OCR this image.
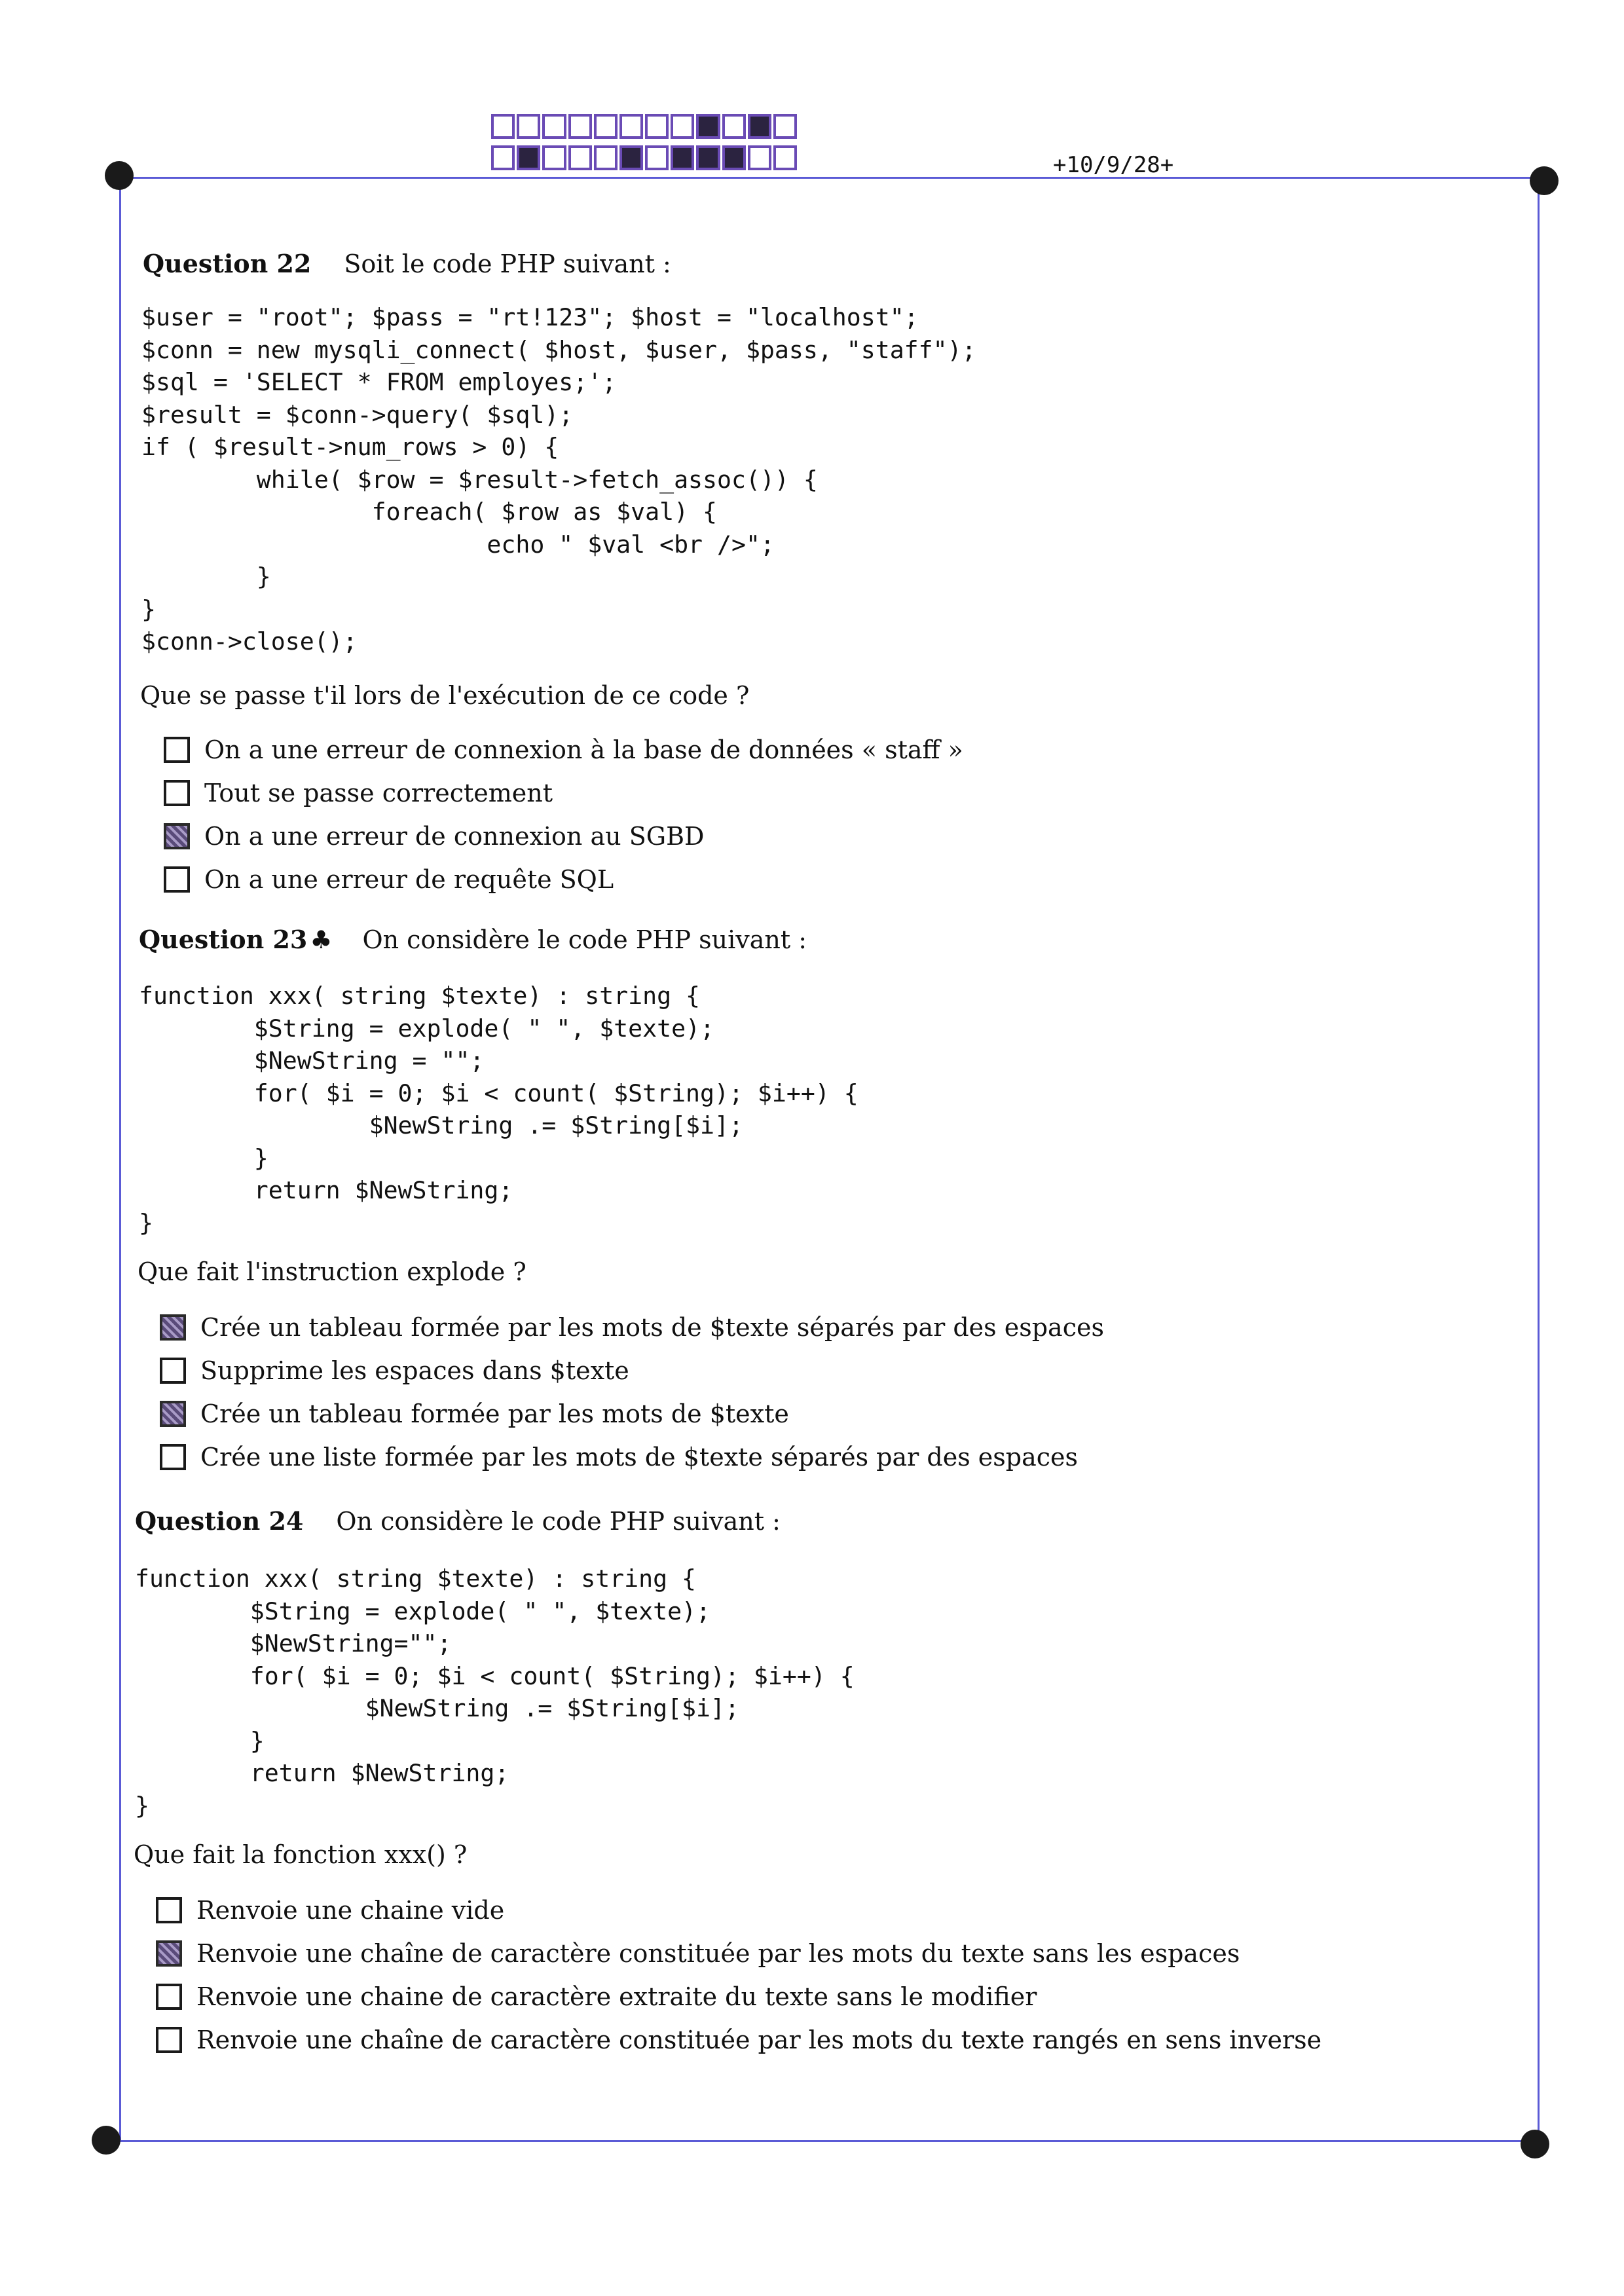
+10/9/28+
Question 22 Soit le code PHP suivant :
$user = "root"; $pass = "rt!123"; $host = "localhost";
$conn = new mysqli_connect( $host, $user, $pass, "staff");
$sql = 'SELECT * FROM employes;';
$result = $conn->query( $sql);
if ( $result->num_rows > 0) {
while( $row = $result->fetch_assoc()) {
foreach( $row as $val) {
echo " $val <br />";
}
}
$conn->close();
Que se passe t'il lors de l'exécution de ce code ?
On a une erreur de connexion à la base de données « staff »
Tout se passe correctement
On a une erreur de connexion au SGBD
On a une erreur de requête SQL
Question 23 ♣ On considère le code PHP suivant :
function xxx( string $texte) : string {
$String = explode( " ", $texte);
$NewString = "";
for( $i = 0; $i < count( $String); $i++) {
$NewString .= $String[$i];
}
return $NewString;
}
Que fait l'instruction explode ?
Crée un tableau formée par les mots de $texte séparés par des espaces
Supprime les espaces dans $texte
Crée un tableau formée par les mots de $texte
Crée une liste formée par les mots de $texte séparés par des espaces
Question 24 On considère le code PHP suivant :
function xxx( string $texte) : string {
$String = explode( " ", $texte);
$NewString="";
for( $i = 0; $i < count( $String); $i++) {
$NewString .= $String[$i];
}
return $NewString;
}
Que fait la fonction xxx() ?
Renvoie une chaine vide
Renvoie une chaîne de caractère constituée par les mots du texte sans les espaces
Renvoie une chaine de caractère extraite du texte sans le modifier
Renvoie une chaîne de caractère constituée par les mots du texte rangés en sens inverse
